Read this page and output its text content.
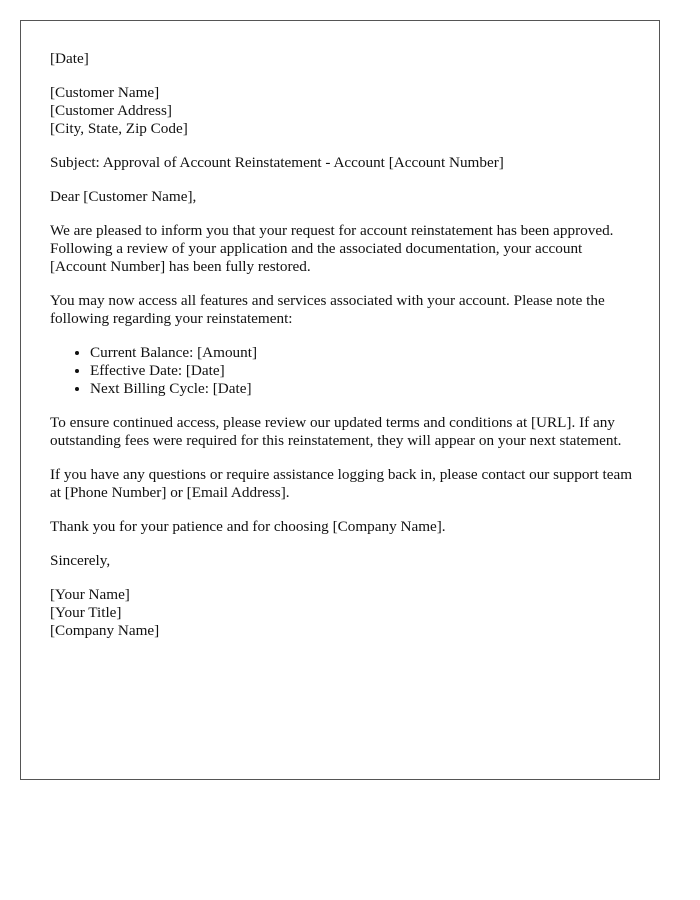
[Date]

[Customer Name]
[Customer Address]
[City, State, Zip Code]

Subject: Approval of Account Reinstatement - Account [Account Number]

Dear [Customer Name],

We are pleased to inform you that your request for account reinstatement has been approved. Following a review of your application and the associated documentation, your account [Account Number] has been fully restored.

You may now access all features and services associated with your account. Please note the following regarding your reinstatement:

• Current Balance: [Amount]
• Effective Date: [Date]
• Next Billing Cycle: [Date]

To ensure continued access, please review our updated terms and conditions at [URL]. If any outstanding fees were required for this reinstatement, they will appear on your next statement.

If you have any questions or require assistance logging back in, please contact our support team at [Phone Number] or [Email Address].

Thank you for your patience and for choosing [Company Name].

Sincerely,

[Your Name]
[Your Title]
[Company Name]
